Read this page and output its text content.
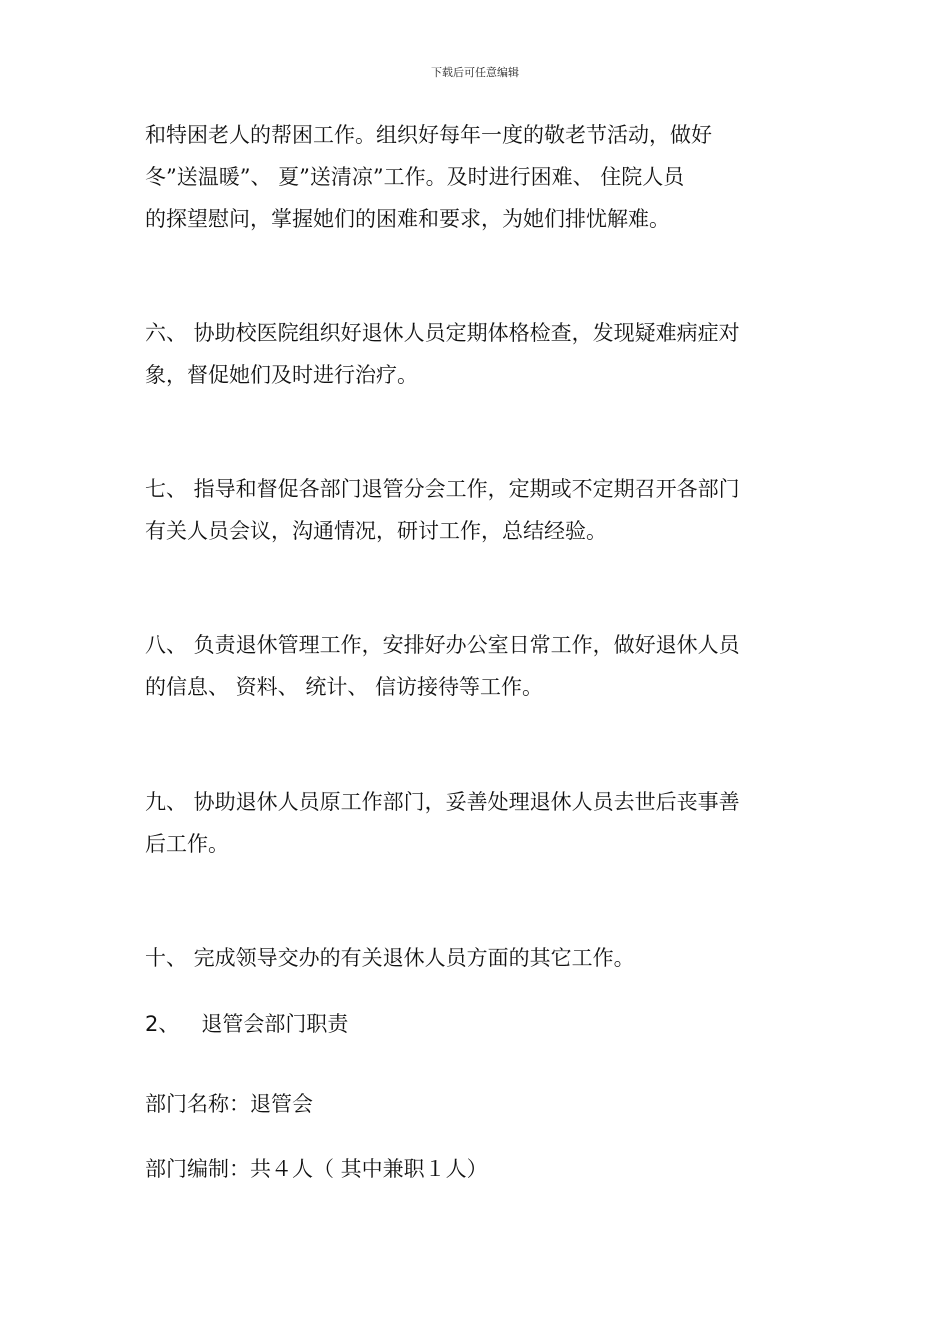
下载后可任意编辑
和特困老人的帮困工作。组织好每年一度的敬老节活动，做好
冬”送温暖”、 夏”送清凉”工作。及时进行困难、 住院人员
的探望慰问，掌握她们的困难和要求，为她们排忧解难。
六、 协助校医院组织好退休人员定期体格检查，发现疑难病症对
象，督促她们及时进行治疗。
七、 指导和督促各部门退管分会工作，定期或不定期召开各部门
有关人员会议，沟通情况，研讨工作，总结经验。
八、 负责退休管理工作，安排好办公室日常工作，做好退休人员
的信息、 资料、 统计、 信访接待等工作。
九、 协助退休人员原工作部门，妥善处理退休人员去世后丧事善
后工作。
十、 完成领导交办的有关退休人员方面的其它工作。
2、 退管会部门职责
部门名称：退管会
部门编制：共４人（ 其中兼职１人）
